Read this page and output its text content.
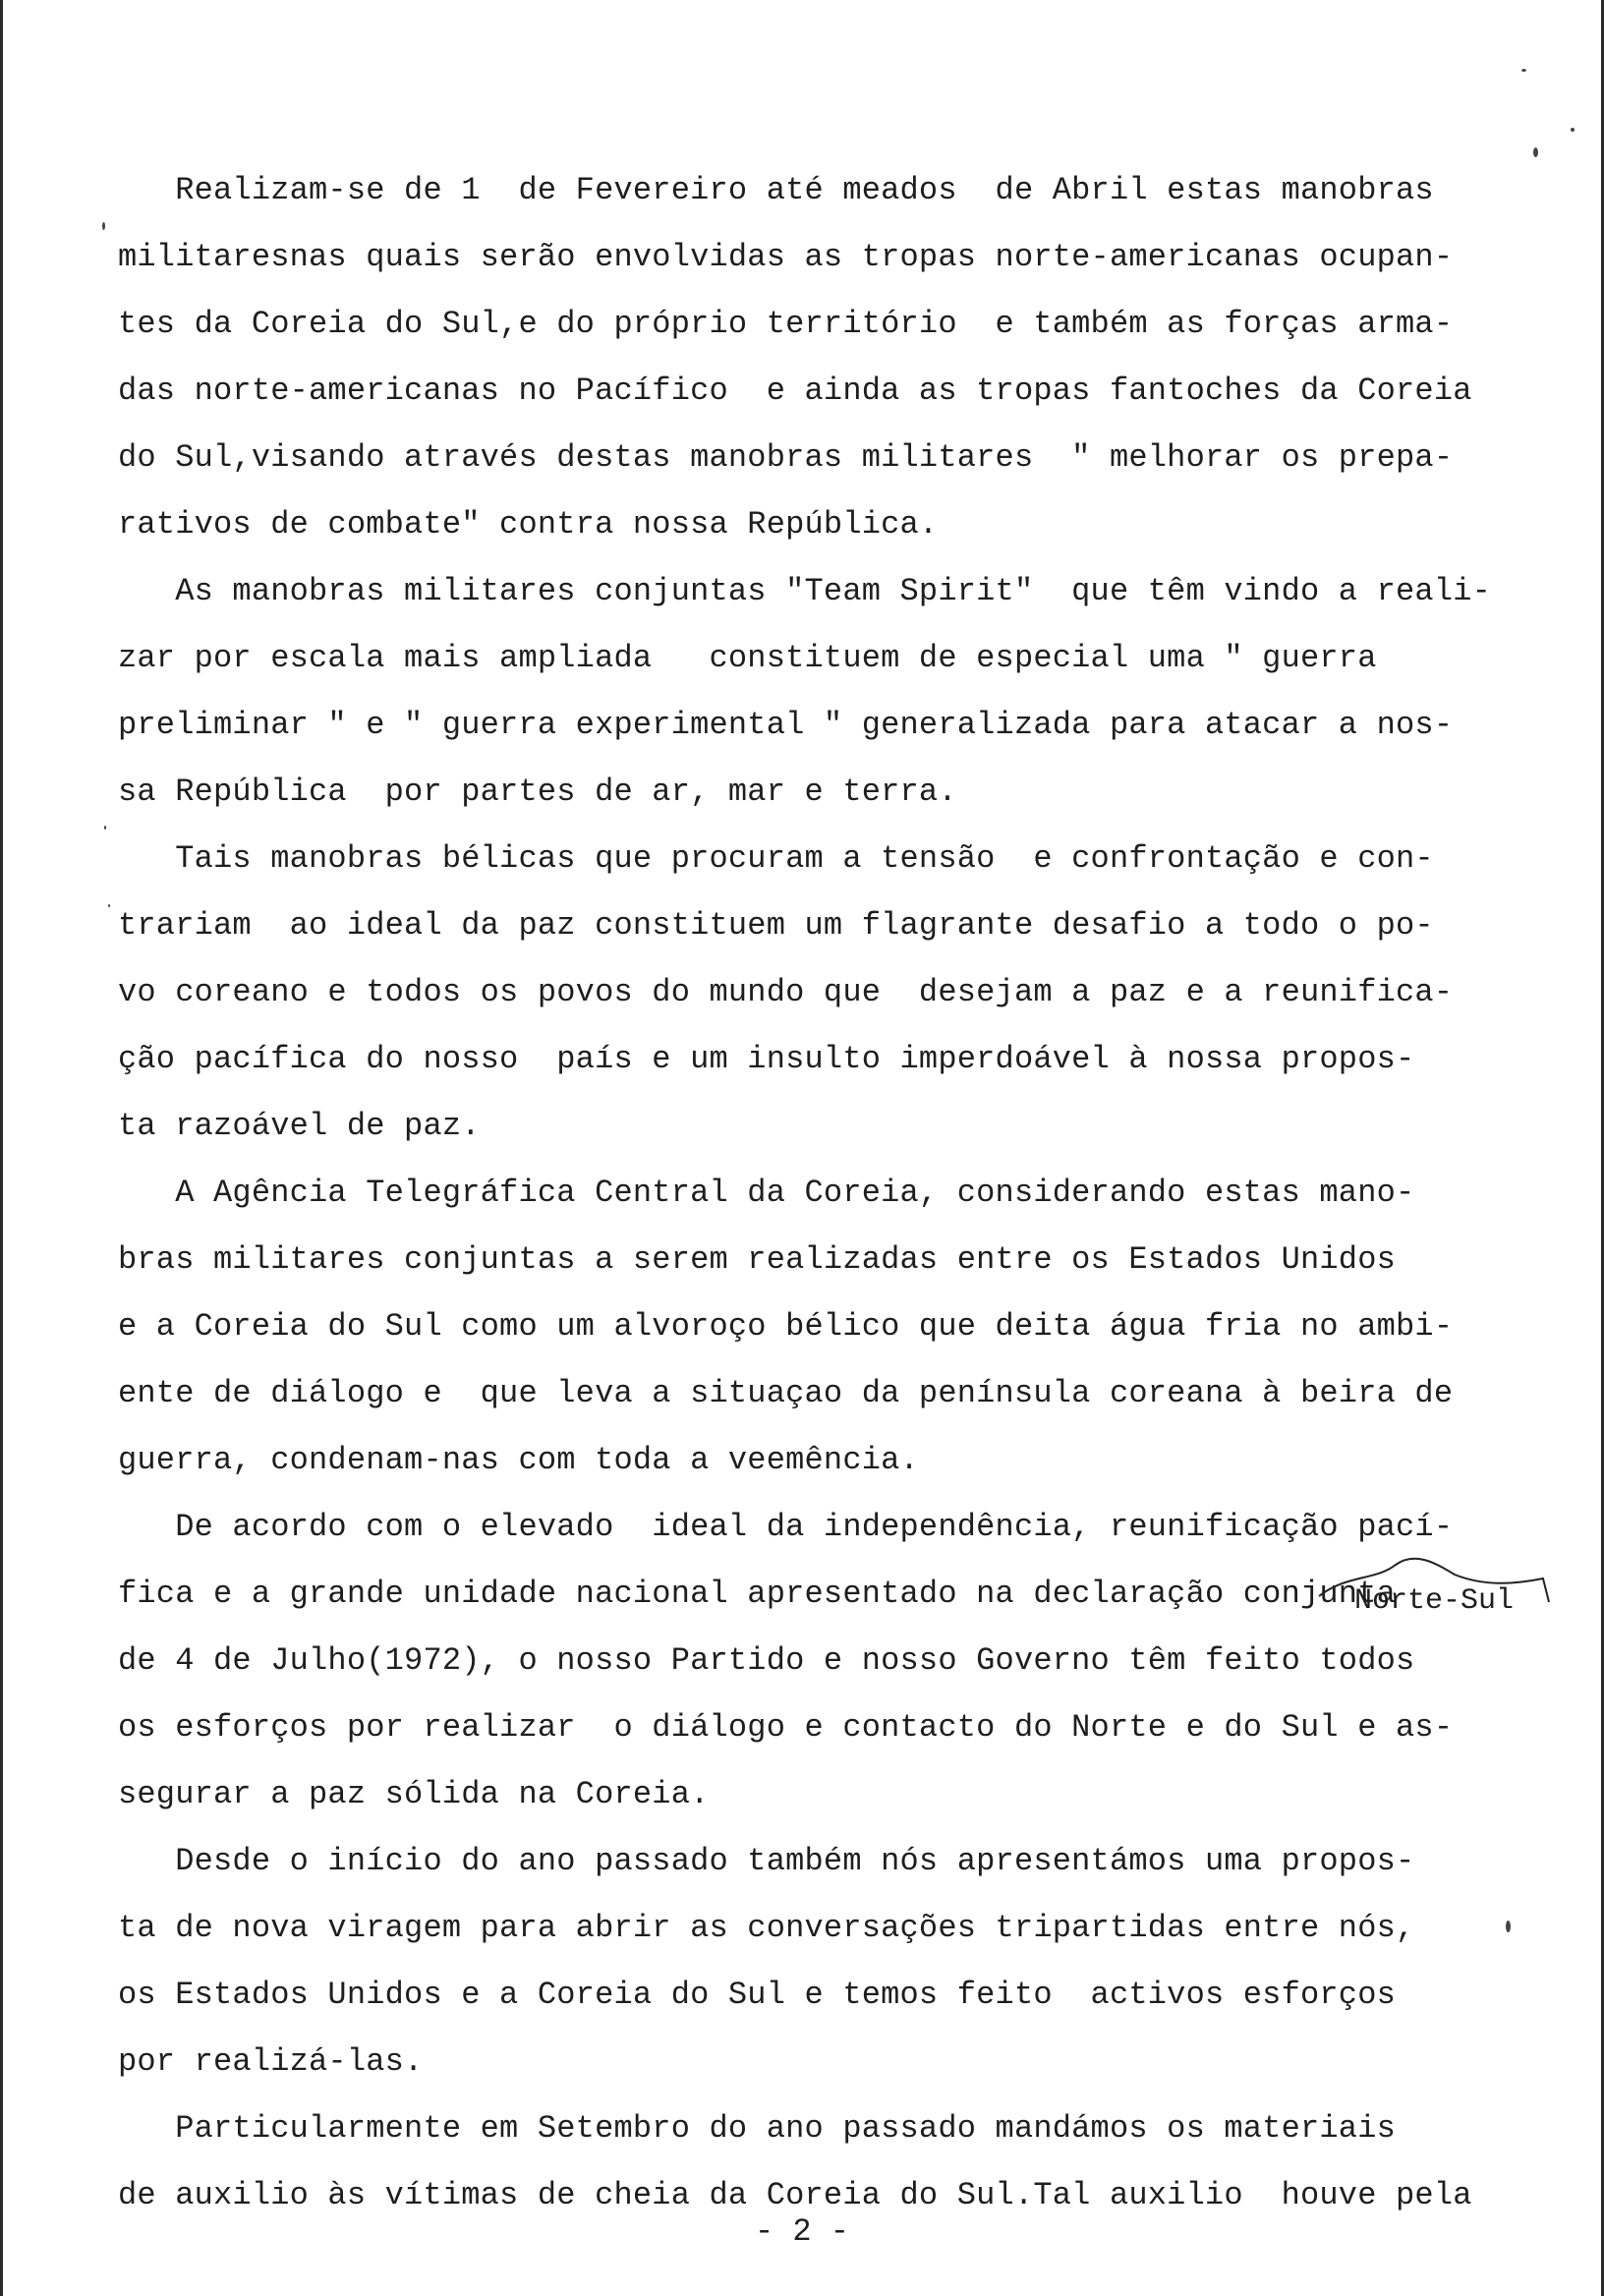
Realizam-se de 1  de Fevereiro até meados  de Abril estas manobras
militaresnas quais serão envolvidas as tropas norte-americanas ocupan-
tes da Coreia do Sul,e do próprio território  e também as forças arma-
das norte-americanas no Pacífico  e ainda as tropas fantoches da Coreia
do Sul,visando através destas manobras militares  " melhorar os prepa-
rativos de combate" contra nossa República.
As manobras militares conjuntas "Team Spirit"  que têm vindo a reali-
zar por escala mais ampliada   constituem de especial uma " guerra
preliminar " e " guerra experimental " generalizada para atacar a nos-
sa República  por partes de ar, mar e terra.
Tais manobras bélicas que procuram a tensão  e confrontação e con-
trariam  ao ideal da paz constituem um flagrante desafio a todo o po-
vo coreano e todos os povos do mundo que  desejam a paz e a reunifica-
ção pacífica do nosso  país e um insulto imperdoável à nossa propos-
ta razoável de paz.
A Agência Telegráfica Central da Coreia, considerando estas mano-
bras militares conjuntas a serem realizadas entre os Estados Unidos
e a Coreia do Sul como um alvoroço bélico que deita água fria no ambi-
ente de diálogo e  que leva a situaçao da península coreana à beira de
guerra, condenam-nas com toda a veemência.
De acordo com o elevado  ideal da independência, reunificação pací-
fica e a grande unidade nacional apresentado na declaração conjunta
de 4 de Julho(1972), o nosso Partido e nosso Governo têm feito todos
os esforços por realizar  o diálogo e contacto do Norte e do Sul e as-
segurar a paz sólida na Coreia.
Desde o início do ano passado também nós apresentámos uma propos-
ta de nova viragem para abrir as conversações tripartidas entre nós,
os Estados Unidos e a Coreia do Sul e temos feito  activos esforços
por realizá-las.
Particularmente em Setembro do ano passado mandámos os materiais
de auxilio às vítimas de cheia da Coreia do Sul.Tal auxilio  houve pela
Norte-Sul
- 2 -
